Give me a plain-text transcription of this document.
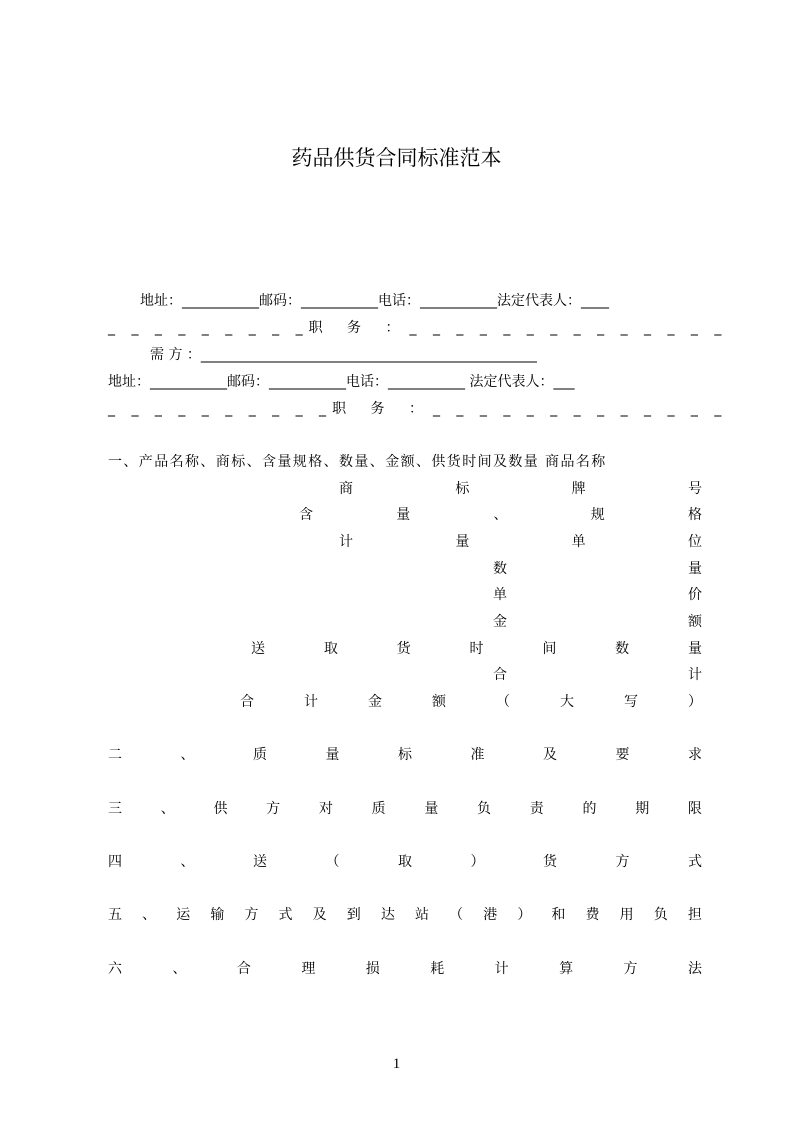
药品供货合同标准范本
地址：___________邮码：___________电话：___________法定代表人：____
_ _ _ _ _ _ _ _ _ 职 务 ： _ _ _ _ _ _ _ _ _ _ _ _ _ _
需 方 ：________________________________________________
地址：___________邮码：___________电话：___________ 法定代表人：___
_ _ _ _ _ _ _ _ _ _ 职 务 ： _ _ _ _ _ _ _ _ _ _ _ _ _
一、产品名称、商标、含量规格、数量、金额、供货时间及数量 商品名称
商	标	牌	号
含	量	、	规	格
计	量	单	位
数	量
单	价
金	额
送	取	货	时	间	数	量
合	计
合	计	金	额	（	大	写	）
二	、	质	量	标	准	及	要	求
三	、	供	方	对	质	量	负	责	的	期	限
四	、	送	（	取	）	货	方	式
五 、 运 输 方 式 及 到 达 站 （ 港 ） 和 费 用 负 担
六	、	合	理	损	耗	计	算	方	法
1
